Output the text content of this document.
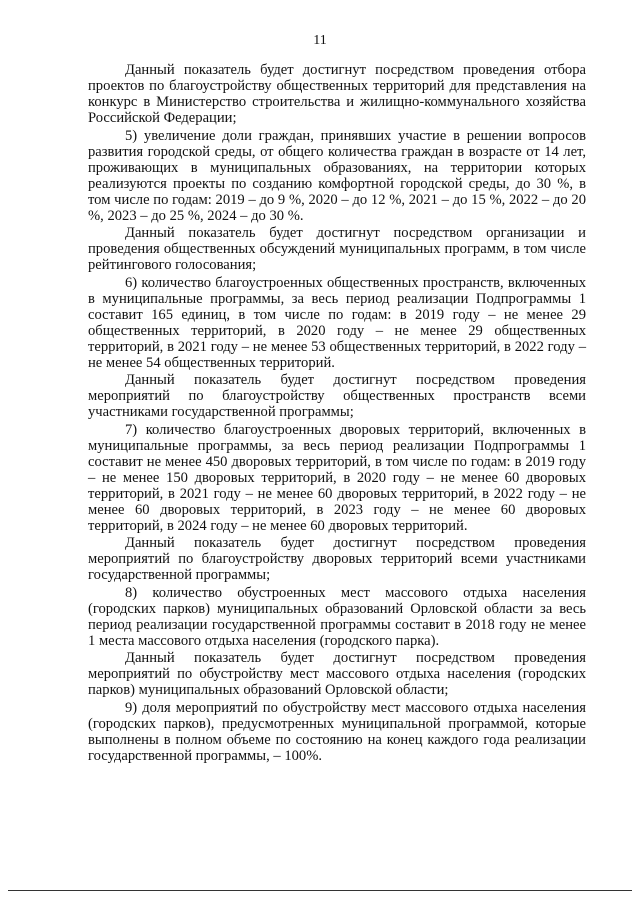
11

Данный показатель будет достигнут посредством проведения отбора проектов по благоустройству общественных территорий для представления на конкурс в Министерство строительства и жилищно-коммунального хозяйства Российской Федерации;

5) увеличение доли граждан, принявших участие в решении вопросов развития городской среды, от общего количества граждан в возрасте от 14 лет, проживающих в муниципальных образованиях, на территории которых реализуются проекты по созданию комфортной городской среды, до 30 %, в том числе по годам: 2019 – до 9 %, 2020 – до 12 %, 2021 – до 15 %, 2022 – до 20 %, 2023 – до 25 %, 2024 – до 30 %.

Данный показатель будет достигнут посредством организации и проведения общественных обсуждений муниципальных программ, в том числе рейтингового голосования;

6) количество благоустроенных общественных пространств, включенных в муниципальные программы, за весь период реализации Подпрограммы 1 составит 165 единиц, в том числе по годам: в 2019 году – не менее 29 общественных территорий, в 2020 году – не менее 29 общественных территорий, в 2021 году – не менее 53 общественных территорий, в 2022 году – не менее 54 общественных территорий.

Данный показатель будет достигнут посредством проведения мероприятий по благоустройству общественных пространств всеми участниками государственной программы;

7) количество благоустроенных дворовых территорий, включенных в муниципальные программы, за весь период реализации Подпрограммы 1 составит не менее 450 дворовых территорий, в том числе по годам: в 2019 году – не менее 150 дворовых территорий, в 2020 году – не менее 60 дворовых территорий, в 2021 году – не менее 60 дворовых территорий, в 2022 году – не менее 60 дворовых территорий, в 2023 году – не менее 60 дворовых территорий, в 2024 году – не менее 60 дворовых территорий.

Данный показатель будет достигнут посредством проведения мероприятий по благоустройству дворовых территорий всеми участниками государственной программы;

8) количество обустроенных мест массового отдыха населения (городских парков) муниципальных образований Орловской области за весь период реализации государственной программы составит в 2018 году не менее 1 места массового отдыха населения (городского парка).

Данный показатель будет достигнут посредством проведения мероприятий по обустройству мест массового отдыха населения (городских парков) муниципальных образований Орловской области;

9) доля мероприятий по обустройству мест массового отдыха населения (городских парков), предусмотренных муниципальной программой, которые выполнены в полном объеме по состоянию на конец каждого года реализации государственной программы, – 100%.
